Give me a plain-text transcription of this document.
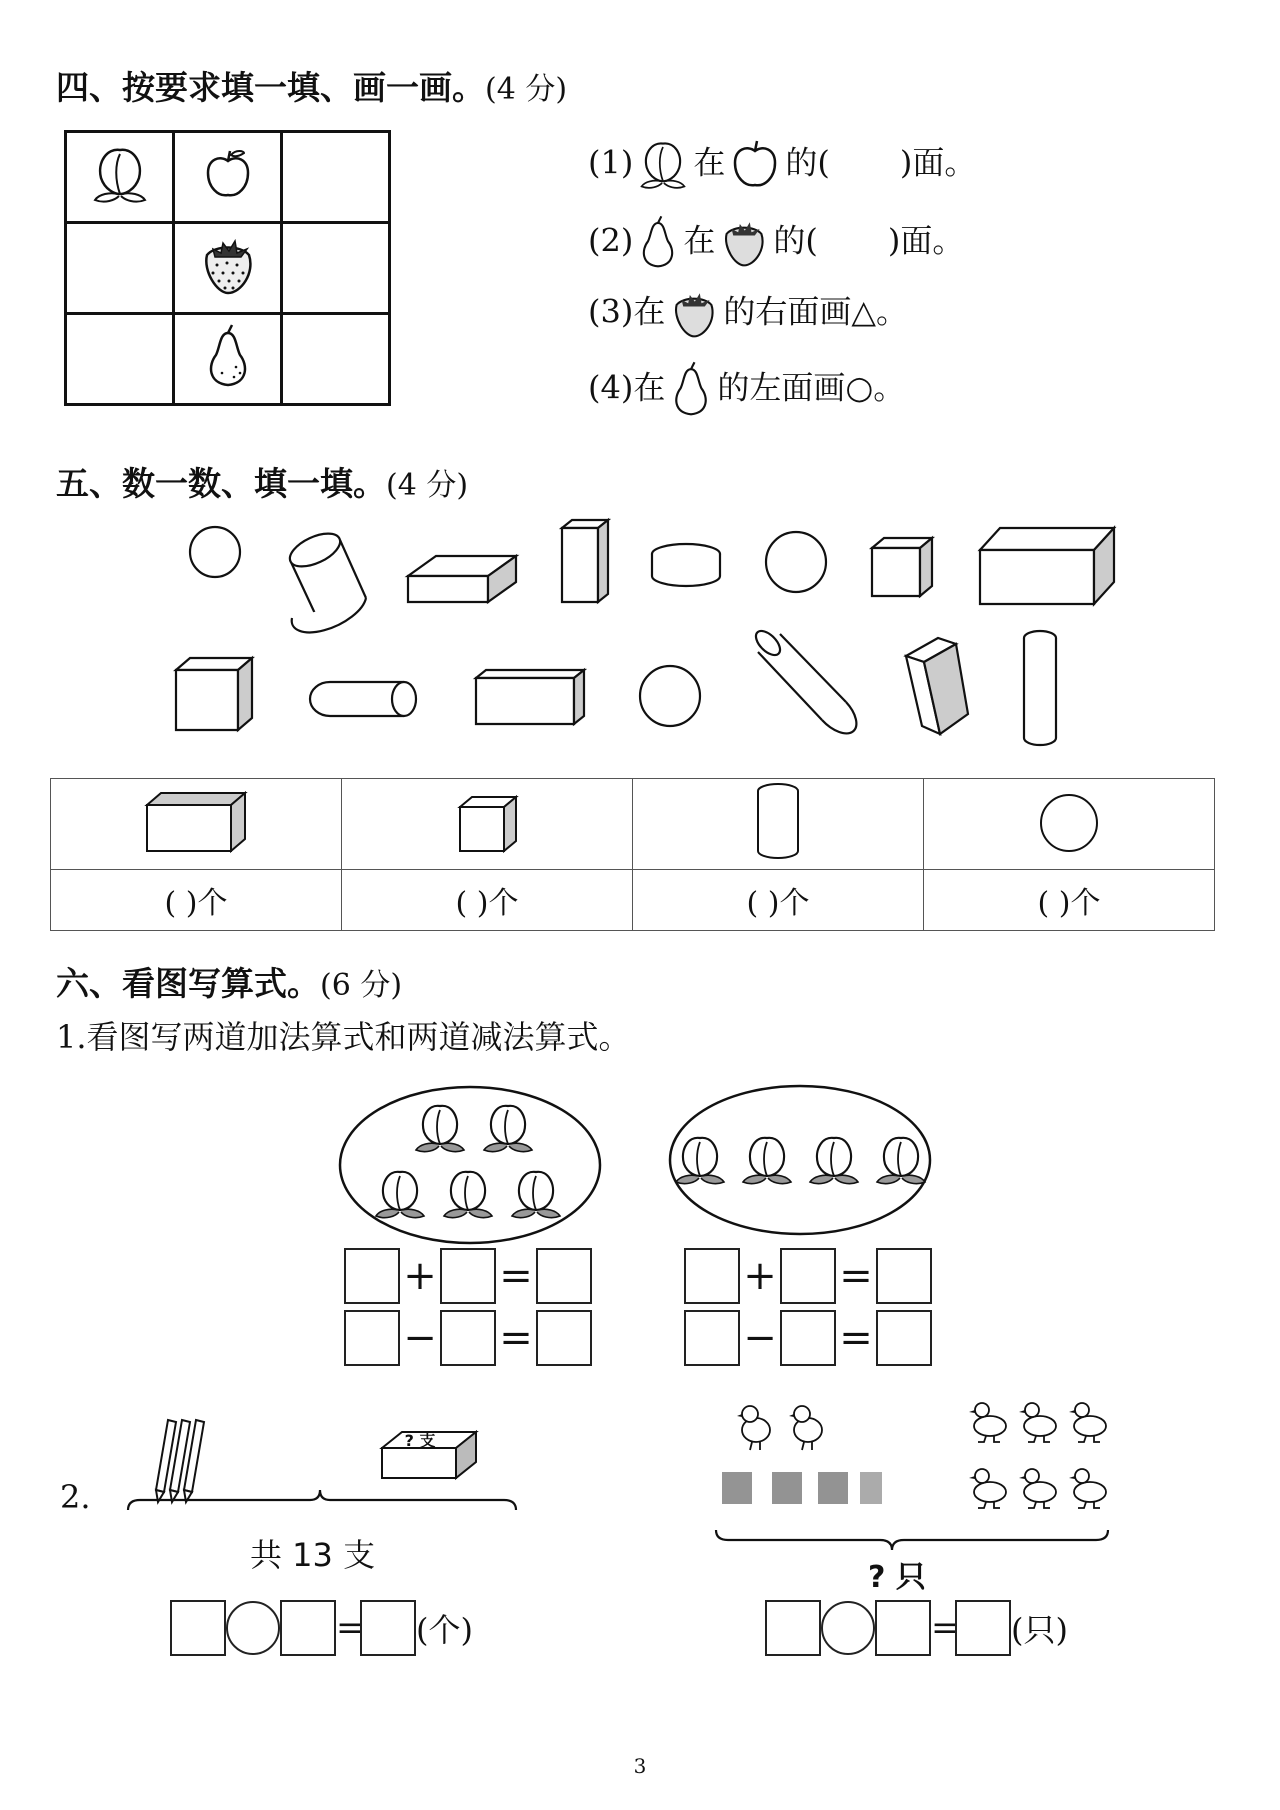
四、按要求填一填、画一画。(4 分)

(1) 在 的( )面。
(2) 在 的( )面。
(3)在 的右面画△。
(4)在 的左面画○。
五、数一数、填一填。(4 分)

( )个	( )个	( )个	( )个
六、看图写算式。(6 分)
1.看图写两道加法算式和两道减法算式。
+ =
− =
+ =
− =
2.
? 支
共 13 支
= (个)
? 只
= (只)
3
